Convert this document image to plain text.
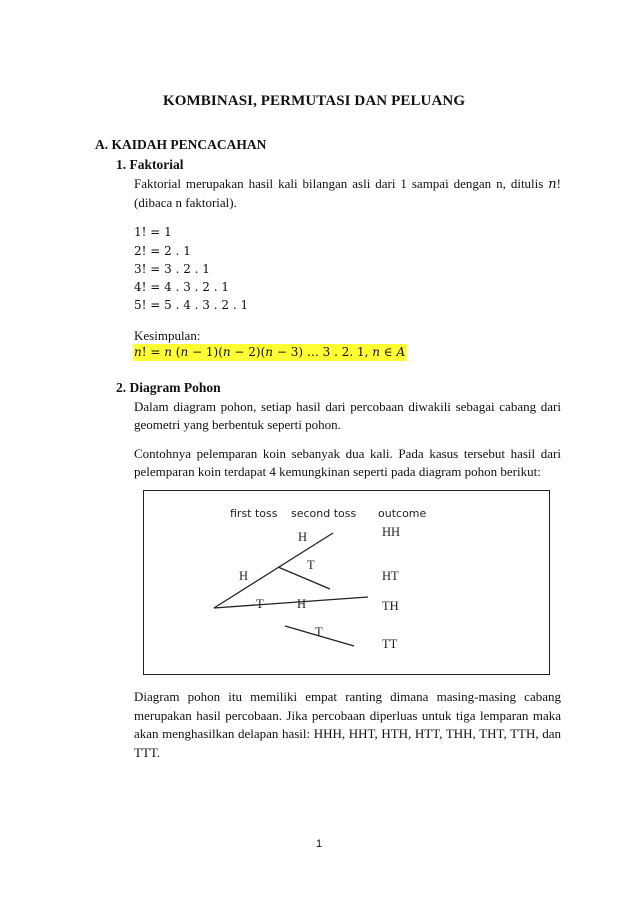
KOMBINASI, PERMUTASI DAN PELUANG
A. KAIDAH PENCACAHAN
1. Faktorial
Faktorial merupakan hasil kali bilangan asli dari 1 sampai dengan n, ditulis 𝑛!
(dibaca n faktorial).
1! = 1
2! = 2 . 1
3! = 3 . 2 . 1
4! = 4 . 3 . 2 . 1
5! = 5 . 4 . 3 . 2 . 1
Kesimpulan:
𝑛! = 𝑛 (𝑛 − 1)(𝑛 − 2)(𝑛 − 3) … 3 . 2. 1, 𝑛 ∈ 𝐴
2. Diagram Pohon
Dalam diagram pohon, setiap hasil dari percobaan diwakili sebagai cabang dari
geometri yang berbentuk seperti pohon.
Contohnya pelemparan koin sebanyak dua kali. Pada kasus tersebut hasil dari
pelemparan koin terdapat 4 kemungkinan seperti pada diagram pohon berikut:
first toss second toss outcome
H
T
H
T	H
T
HH
HT
TH
TT
Diagram pohon itu memiliki empat ranting dimana masing-masing cabang
merupakan hasil percobaan. Jika percobaan diperluas untuk tiga lemparan maka
akan menghasilkan delapan hasil: HHH, HHT, HTH, HTT, THH, THT, TTH, dan
TTT.
1
